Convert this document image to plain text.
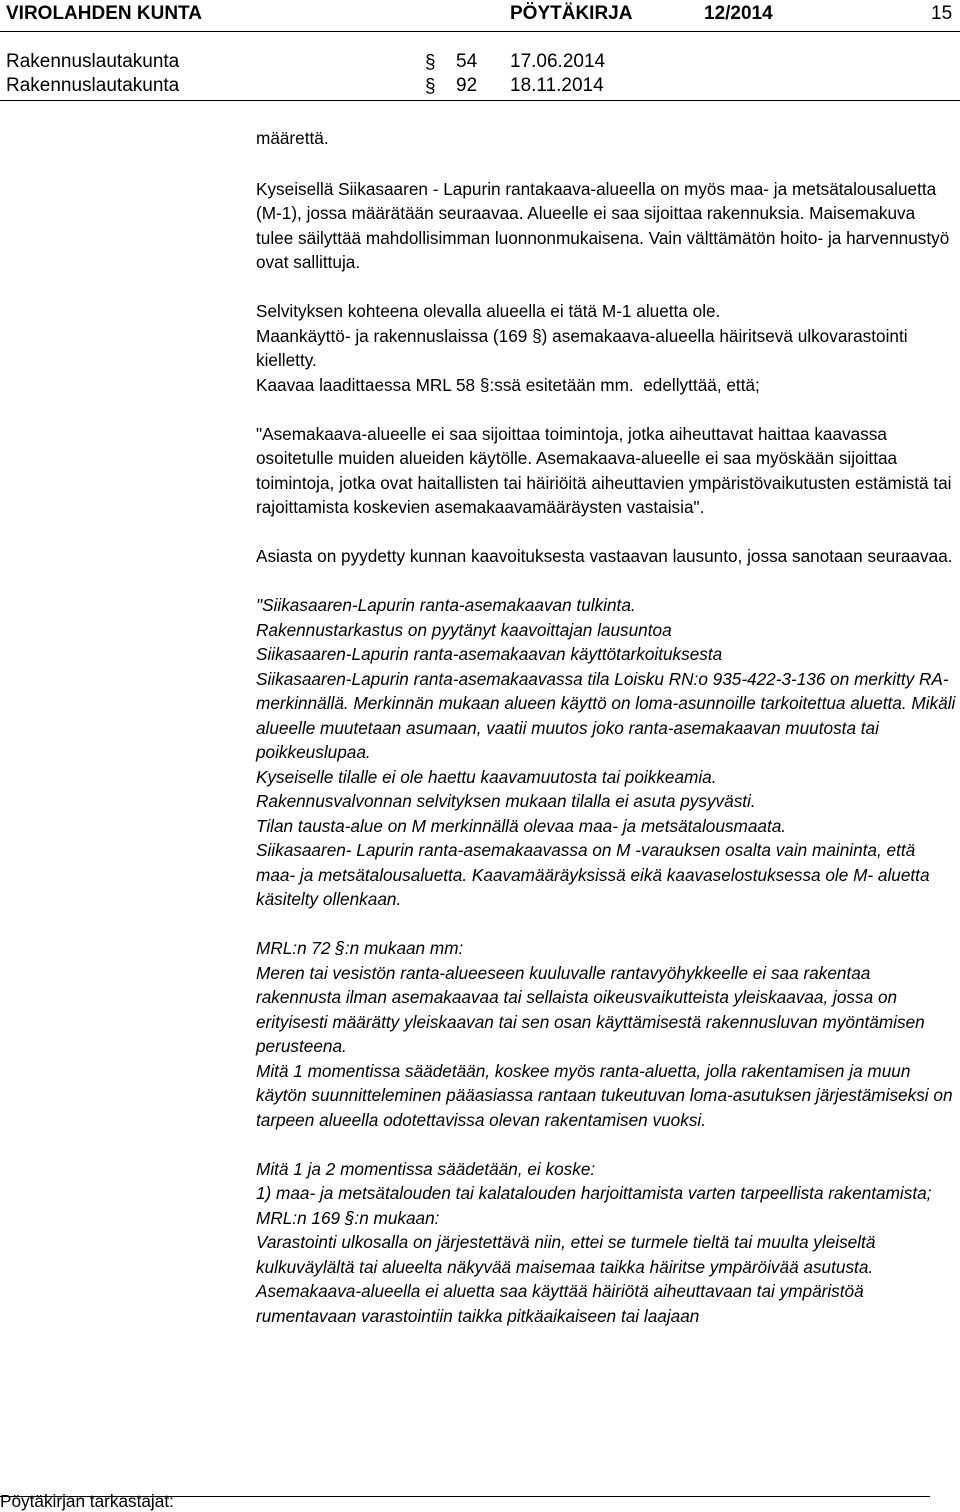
VIROLAHDEN KUNTA	PÖYTÄKIRJA	12/2014	15
Rakennuslautakunta	§ 54 17.06.2014
Rakennuslautakunta	§ 92 18.11.2014

määrettä.

Kyseisellä Siikasaaren - Lapurin rantakaava-alueella on myös maa- ja metsätalousaluetta (M-1), jossa määrätään seuraavaa. Alueelle ei saa sijoittaa rakennuksia. Maisemakuva tulee säilyttää mahdollisimman luonnonmukaisena. Vain välttämätön hoito- ja harvennustyö ovat sallittuja.

Selvityksen kohteena olevalla alueella ei tätä M-1 aluetta ole.

Maankäyttö- ja rakennuslaissa (169 §) asemakaava-alueella häiritsevä ulkovarastointi kielletty.

Kaavaa laadittaessa MRL 58 §:ssä esitetään mm.  edellyttää, että;

"Asemakaava-alueelle ei saa sijoittaa toimintoja, jotka aiheuttavat haittaa kaavassa osoitetulle muiden alueiden käytölle. Asemakaava-alueelle ei saa myöskään sijoittaa toimintoja, jotka ovat haitallisten tai häiriöitä aiheuttavien ympäristövaikutusten estämistä tai rajoittamista koskevien asemakaavamääräysten vastaisia".

Asiasta on pyydetty kunnan kaavoituksesta vastaavan lausunto, jossa sanotaan seuraavaa.

"Siikasaaren-Lapurin ranta-asemakaavan tulkinta.

Rakennustarkastus on pyytänyt kaavoittajan lausuntoa

Siikasaaren-Lapurin ranta-asemakaavan käyttötarkoituksesta

Siikasaaren-Lapurin ranta-asemakaavassa tila Loisku RN:o 935-422-3-136 on merkitty RA-merkinnällä. Merkinnän mukaan alueen käyttö on loma-asunnoille tarkoitettua aluetta. Mikäli alueelle muutetaan asumaan, vaatii muutos joko ranta-asemakaavan muutosta tai poikkeuslupaa.

Kyseiselle tilalle ei ole haettu kaavamuutosta tai poikkeamia.

Rakennusvalvonnan selvityksen mukaan tilalla ei asuta pysyvästi.

Tilan tausta-alue on M merkinnällä olevaa maa- ja metsätalousmaata.

Siikasaaren- Lapurin ranta-asemakaavassa on M -varauksen osalta vain maininta, että maa- ja metsätalousaluetta. Kaavamääräyksissä eikä kaavaselostuksessa ole M- aluetta käsitelty ollenkaan.

MRL:n 72 §:n mukaan mm:

Meren tai vesistön ranta-alueeseen kuuluvalle rantavyöhykkeelle ei saa rakentaa rakennusta ilman asemakaavaa tai sellaista oikeusvaikutteista yleiskaavaa, jossa on erityisesti määrätty yleiskaavan tai sen osan käyttämisestä rakennusluvan myöntämisen perusteena.

Mitä 1 momentissa säädetään, koskee myös ranta-aluetta, jolla rakentamisen ja muun käytön suunnitteleminen pääasiassa rantaan tukeutuvan loma-asutuksen järjestämiseksi on tarpeen alueella odotettavissa olevan rakentamisen vuoksi.

Mitä 1 ja 2 momentissa säädetään, ei koske:

1) maa- ja metsätalouden tai kalatalouden harjoittamista varten tarpeellista rakentamista;

MRL:n 169 §:n mukaan:

Varastointi ulkosalla on järjestettävä niin, ettei se turmele tieltä tai muulta yleiseltä kulkuväylältä tai alueelta näkyvää maisemaa taikka häiritse ympäröivää asutusta.

Asemakaava-alueella ei aluetta saa käyttää häiriötä aiheuttavaan tai ympäristöä rumentavaan varastointiin taikka pitkäaikaiseen tai laajaan

Pöytäkirjan tarkastajat:
